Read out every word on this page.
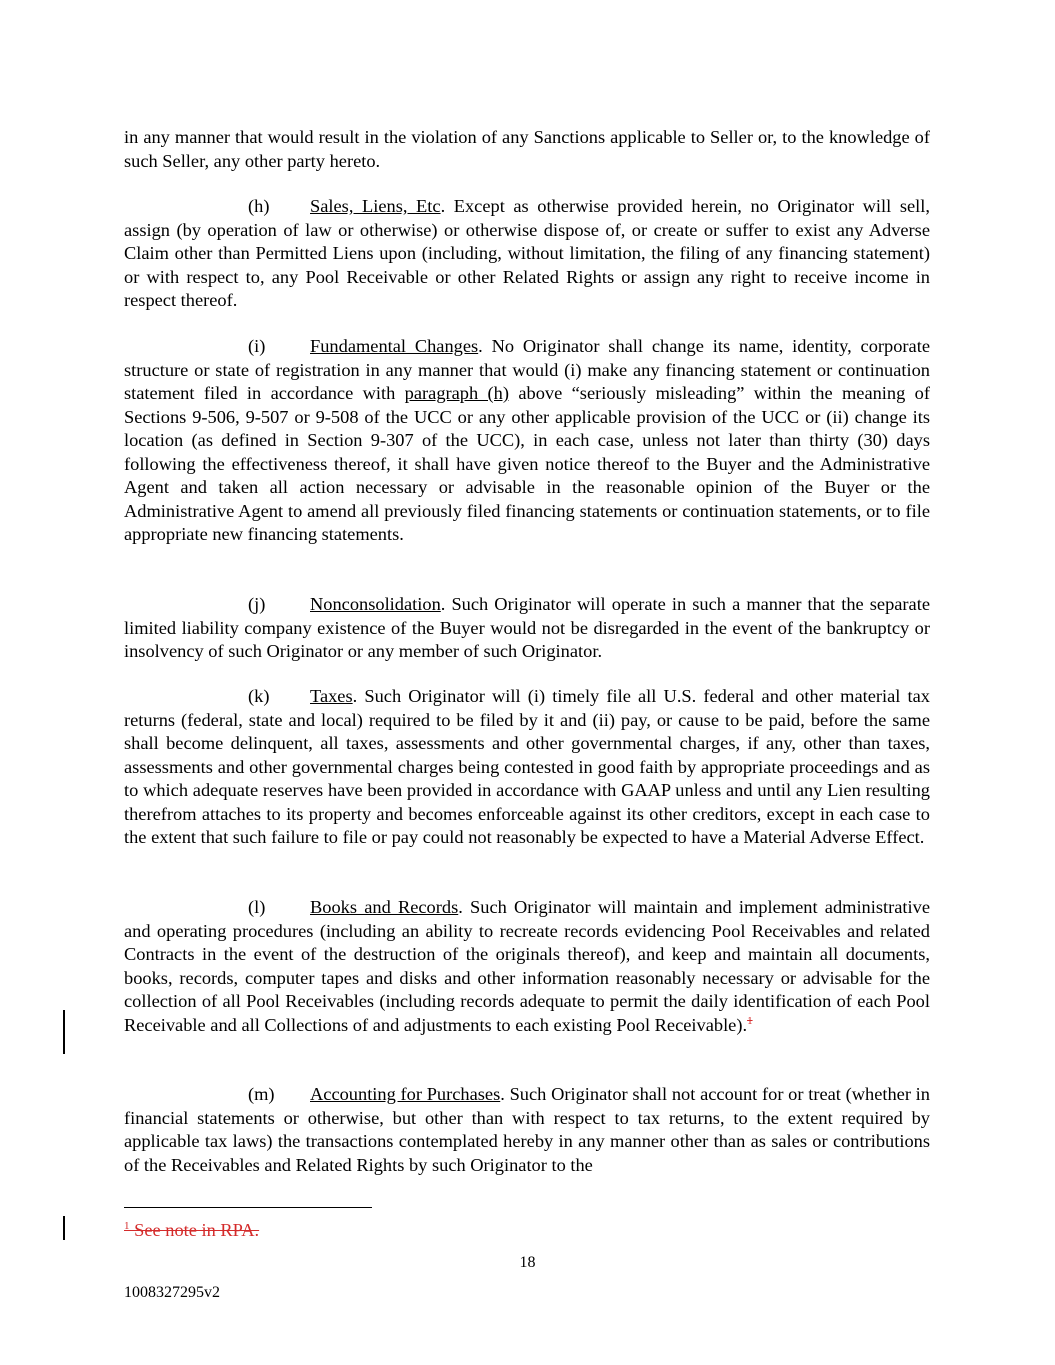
in any manner that would result in the violation of any Sanctions applicable to Seller or, to the knowledge of such Seller, any other party hereto.

(h) Sales, Liens, Etc. Except as otherwise provided herein, no Originator will sell, assign (by operation of law or otherwise) or otherwise dispose of, or create or suffer to exist any Adverse Claim other than Permitted Liens upon (including, without limitation, the filing of any financing statement) or with respect to, any Pool Receivable or other Related Rights or assign any right to receive income in respect thereof.

(i) Fundamental Changes. No Originator shall change its name, identity, corporate structure or state of registration in any manner that would (i) make any financing statement or continuation statement filed in accordance with paragraph (h) above “seriously misleading” within the meaning of Sections 9-506, 9-507 or 9-508 of the UCC or any other applicable provision of the UCC or (ii) change its location (as defined in Section 9-307 of the UCC), in each case, unless not later than thirty (30) days following the effectiveness thereof, it shall have given notice thereof to the Buyer and the Administrative Agent and taken all action necessary or advisable in the reasonable opinion of the Buyer or the Administrative Agent to amend all previously filed financing statements or continuation statements, or to file appropriate new financing statements.

(j) Nonconsolidation. Such Originator will operate in such a manner that the separate limited liability company existence of the Buyer would not be disregarded in the event of the bankruptcy or insolvency of such Originator or any member of such Originator.

(k) Taxes. Such Originator will (i) timely file all U.S. federal and other material tax returns (federal, state and local) required to be filed by it and (ii) pay, or cause to be paid, before the same shall become delinquent, all taxes, assessments and other governmental charges, if any, other than taxes, assessments and other governmental charges being contested in good faith by appropriate proceedings and as to which adequate reserves have been provided in accordance with GAAP unless and until any Lien resulting therefrom attaches to its property and becomes enforceable against its other creditors, except in each case to the extent that such failure to file or pay could not reasonably be expected to have a Material Adverse Effect.

(l) Books and Records. Such Originator will maintain and implement administrative and operating procedures (including an ability to recreate records evidencing Pool Receivables and related Contracts in the event of the destruction of the originals thereof), and keep and maintain all documents, books, records, computer tapes and disks and other information reasonably necessary or advisable for the collection of all Pool Receivables (including records adequate to permit the daily identification of each Pool Receivable and all Collections of and adjustments to each existing Pool Receivable).$^1$

(m) Accounting for Purchases. Such Originator shall not account for or treat (whether in financial statements or otherwise, but other than with respect to tax returns, to the extent required by applicable tax laws) the transactions contemplated hereby in any manner other than as sales or contributions of the Receivables and Related Rights by such Originator to the

$^1$ See note in RPA.
18
1008327295v2
